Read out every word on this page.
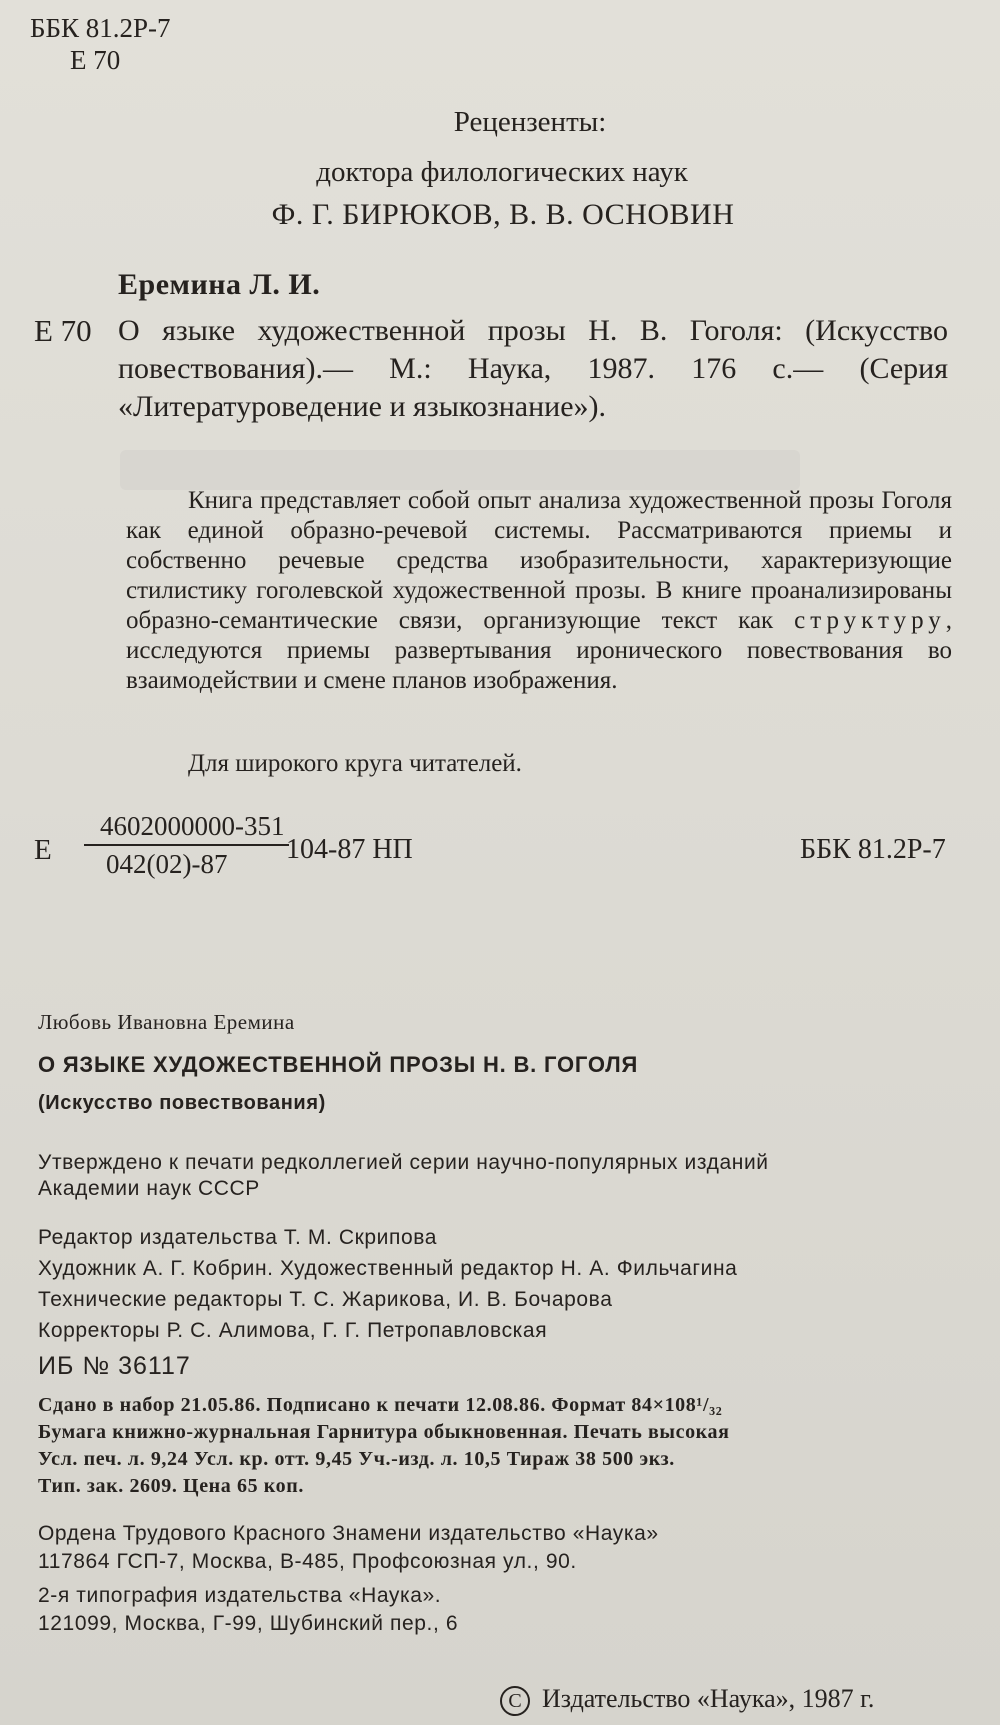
ББК 81.2Р-7
Е 70
Рецензенты:
доктора филологических наук
Ф. Г. БИРЮКОВ, В. В. ОСНОВИН
Еремина Л. И.
Е 70 О языке художественной прозы Н. В. Гоголя: (Искусство повествования).— М.: Наука, 1987. 176 с.— (Серия «Литературоведение и языкознание»).

Книга представляет собой опыт анализа художественной прозы Гоголя как единой образно-речевой системы. Рассматриваются приемы и собственно речевые средства изобразительности, характеризующие стилистику гоголевской художественной прозы. В книге проанализированы образно-семантические связи, организующие текст как структуру, исследуются приемы развертывания иронического повествования во взаимодействии и смене планов изображения.

Для широкого круга читателей.
Е
4602000000-351
042(02)-87	104-87 НП	ББК 81.2Р-7
Любовь Ивановна Еремина
О ЯЗЫКЕ ХУДОЖЕСТВЕННОЙ ПРОЗЫ Н. В. ГОГОЛЯ
(Искусство повествования)
Утверждено к печати редколлегией серии научно-популярных изданий
Академии наук СССР
Редактор издательства Т. М. Скрипова
Художник А. Г. Кобрин. Художественный редактор Н. А. Фильчагина
Технические редакторы Т. С. Жарикова, И. В. Бочарова
Корректоры Р. С. Алимова, Г. Г. Петропавловская
ИБ № 36117
Сдано в набор 21.05.86. Подписано к печати 12.08.86. Формат 84×108¹/₃₂
Бумага книжно-журнальная Гарнитура обыкновенная. Печать высокая
Усл. печ. л. 9,24 Усл. кр. отт. 9,45 Уч.-изд. л. 10,5 Тираж 38 500 экз.
Тип. зак. 2609. Цена 65 коп.
Ордена Трудового Красного Знамени издательство «Наука»
117864 ГСП-7, Москва, В-485, Профсоюзная ул., 90.
2-я типография издательства «Наука».
121099, Москва, Г-99, Шубинский пер., 6
C Издательство «Наука», 1987 г.
